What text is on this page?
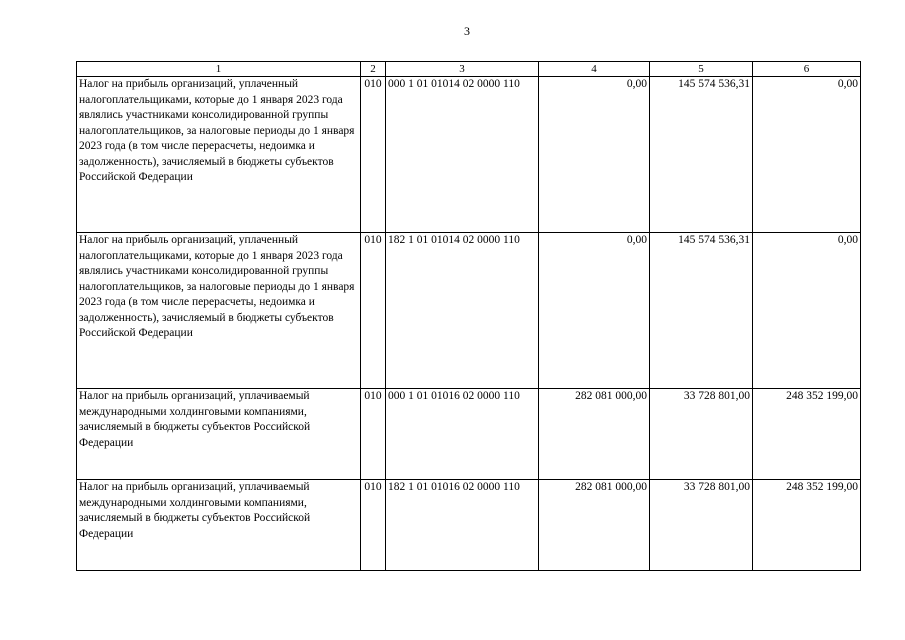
3
1	2	3	4	5	6
Налог на прибыль организаций, уплаченный налогоплательщиками, которые до 1 января 2023 года являлись участниками консолидированной группы налогоплательщиков, за налоговые периоды до 1 января 2023 года (в том числе перерасчеты, недоимка и задолженность), зачисляемый в бюджеты субъектов Российской Федерации	010	000 1 01 01014 02 0000 110	0,00	145 574 536,31	0,00
Налог на прибыль организаций, уплаченный налогоплательщиками, которые до 1 января 2023 года являлись участниками консолидированной группы налогоплательщиков, за налоговые периоды до 1 января 2023 года (в том числе перерасчеты, недоимка и задолженность), зачисляемый в бюджеты субъектов Российской Федерации	010	182 1 01 01014 02 0000 110	0,00	145 574 536,31	0,00
Налог на прибыль организаций, уплачиваемый международными холдинговыми компаниями, зачисляемый в бюджеты субъектов Российской Федерации	010	000 1 01 01016 02 0000 110	282 081 000,00	33 728 801,00	248 352 199,00
Налог на прибыль организаций, уплачиваемый международными холдинговыми компаниями, зачисляемый в бюджеты субъектов Российской Федерации	010	182 1 01 01016 02 0000 110	282 081 000,00	33 728 801,00	248 352 199,00
